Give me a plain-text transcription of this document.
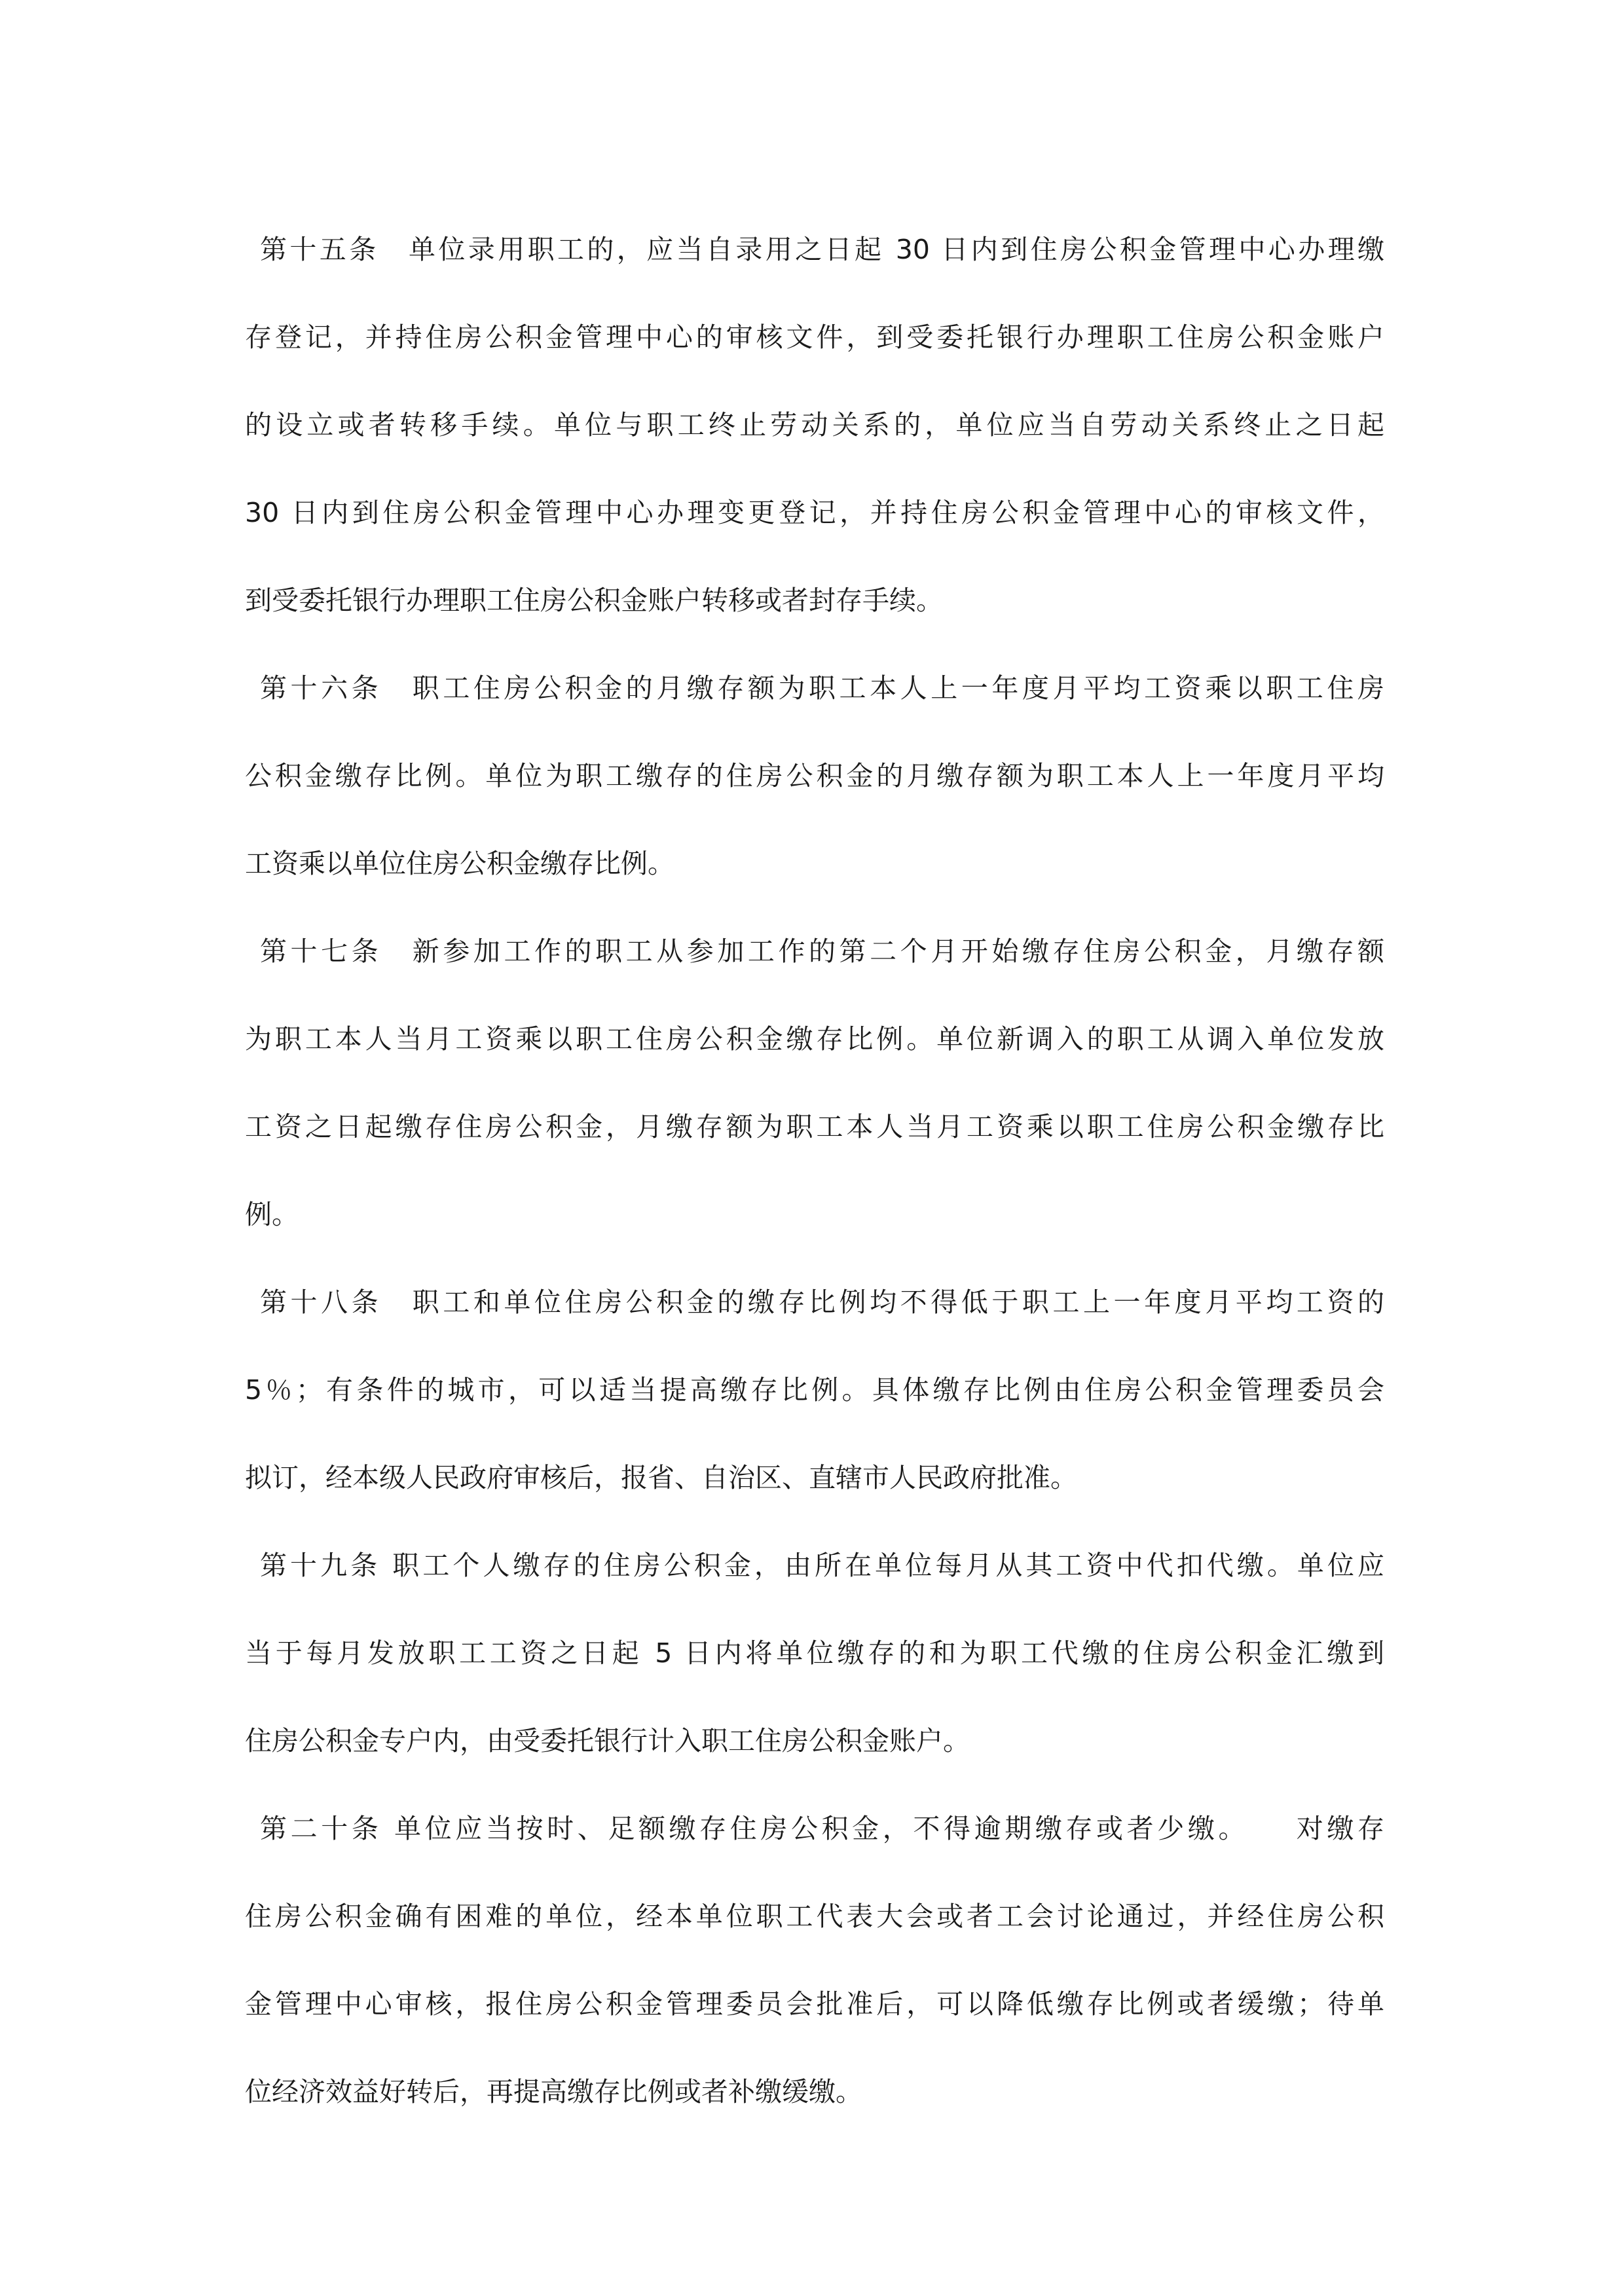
第十五条　单位录用职工的，应当自录用之日起 30 日内到住房公积金管理中心办理缴
存登记，并持住房公积金管理中心的审核文件，到受委托银行办理职工住房公积金账户
的设立或者转移手续。单位与职工终止劳动关系的，单位应当自劳动关系终止之日起
30 日内到住房公积金管理中心办理变更登记，并持住房公积金管理中心的审核文件，
到受委托银行办理职工住房公积金账户转移或者封存手续。
第十六条　职工住房公积金的月缴存额为职工本人上一年度月平均工资乘以职工住房
公积金缴存比例。单位为职工缴存的住房公积金的月缴存额为职工本人上一年度月平均
工资乘以单位住房公积金缴存比例。
第十七条　新参加工作的职工从参加工作的第二个月开始缴存住房公积金，月缴存额
为职工本人当月工资乘以职工住房公积金缴存比例。单位新调入的职工从调入单位发放
工资之日起缴存住房公积金，月缴存额为职工本人当月工资乘以职工住房公积金缴存比
例。
第十八条　职工和单位住房公积金的缴存比例均不得低于职工上一年度月平均工资的
5％；有条件的城市，可以适当提高缴存比例。具体缴存比例由住房公积金管理委员会
拟订，经本级人民政府审核后，报省、自治区、直辖市人民政府批准。
第十九条 职工个人缴存的住房公积金，由所在单位每月从其工资中代扣代缴。单位应
当于每月发放职工工资之日起 5 日内将单位缴存的和为职工代缴的住房公积金汇缴到
住房公积金专户内，由受委托银行计入职工住房公积金账户。
第二十条 单位应当按时、足额缴存住房公积金，不得逾期缴存或者少缴。　　对缴存
住房公积金确有困难的单位，经本单位职工代表大会或者工会讨论通过，并经住房公积
金管理中心审核，报住房公积金管理委员会批准后，可以降低缴存比例或者缓缴；待单
位经济效益好转后，再提高缴存比例或者补缴缓缴。
